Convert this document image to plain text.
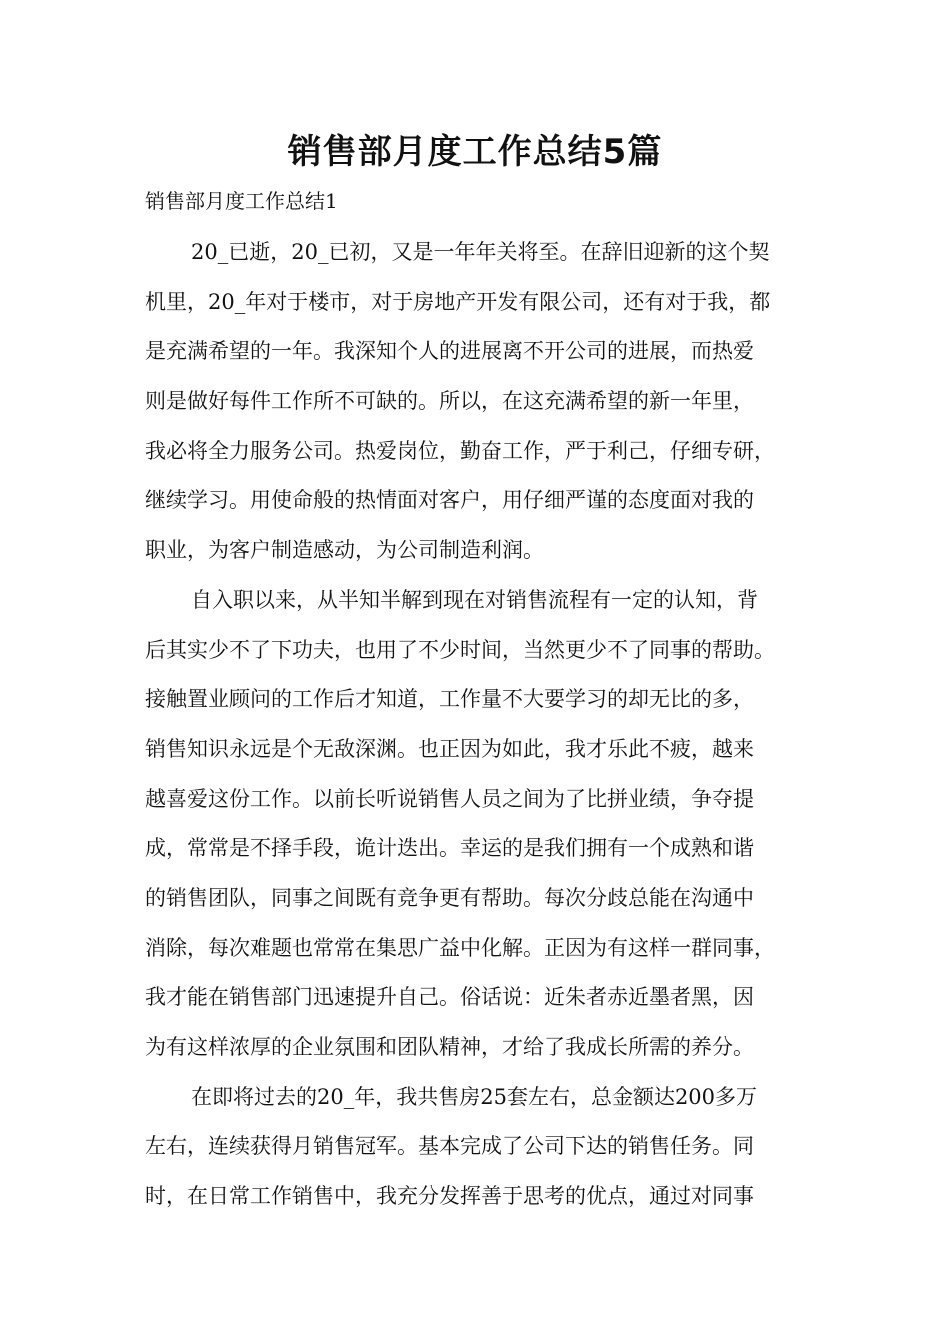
销售部月度工作总结5篇
销售部月度工作总结1
20_已逝，20_已初，又是一年年关将至。在辞旧迎新的这个契
机里，20_年对于楼市，对于房地产开发有限公司，还有对于我，都
是充满希望的一年。我深知个人的进展离不开公司的进展，而热爱
则是做好每件工作所不可缺的。所以，在这充满希望的新一年里，
我必将全力服务公司。热爱岗位，勤奋工作，严于利己，仔细专研，
继续学习。用使命般的热情面对客户，用仔细严谨的态度面对我的
职业，为客户制造感动，为公司制造利润。
自入职以来，从半知半解到现在对销售流程有一定的认知，背
后其实少不了下功夫，也用了不少时间，当然更少不了同事的帮助。
接触置业顾问的工作后才知道，工作量不大要学习的却无比的多，
销售知识永远是个无敌深渊。也正因为如此，我才乐此不疲，越来
越喜爱这份工作。以前长听说销售人员之间为了比拼业绩，争夺提
成，常常是不择手段，诡计迭出。幸运的是我们拥有一个成熟和谐
的销售团队，同事之间既有竞争更有帮助。每次分歧总能在沟通中
消除，每次难题也常常在集思广益中化解。正因为有这样一群同事，
我才能在销售部门迅速提升自己。俗话说：近朱者赤近墨者黑，因
为有这样浓厚的企业氛围和团队精神，才给了我成长所需的养分。
在即将过去的20_年，我共售房25套左右，总金额达200多万
左右，连续获得月销售冠军。基本完成了公司下达的销售任务。同
时，在日常工作销售中，我充分发挥善于思考的优点，通过对同事
